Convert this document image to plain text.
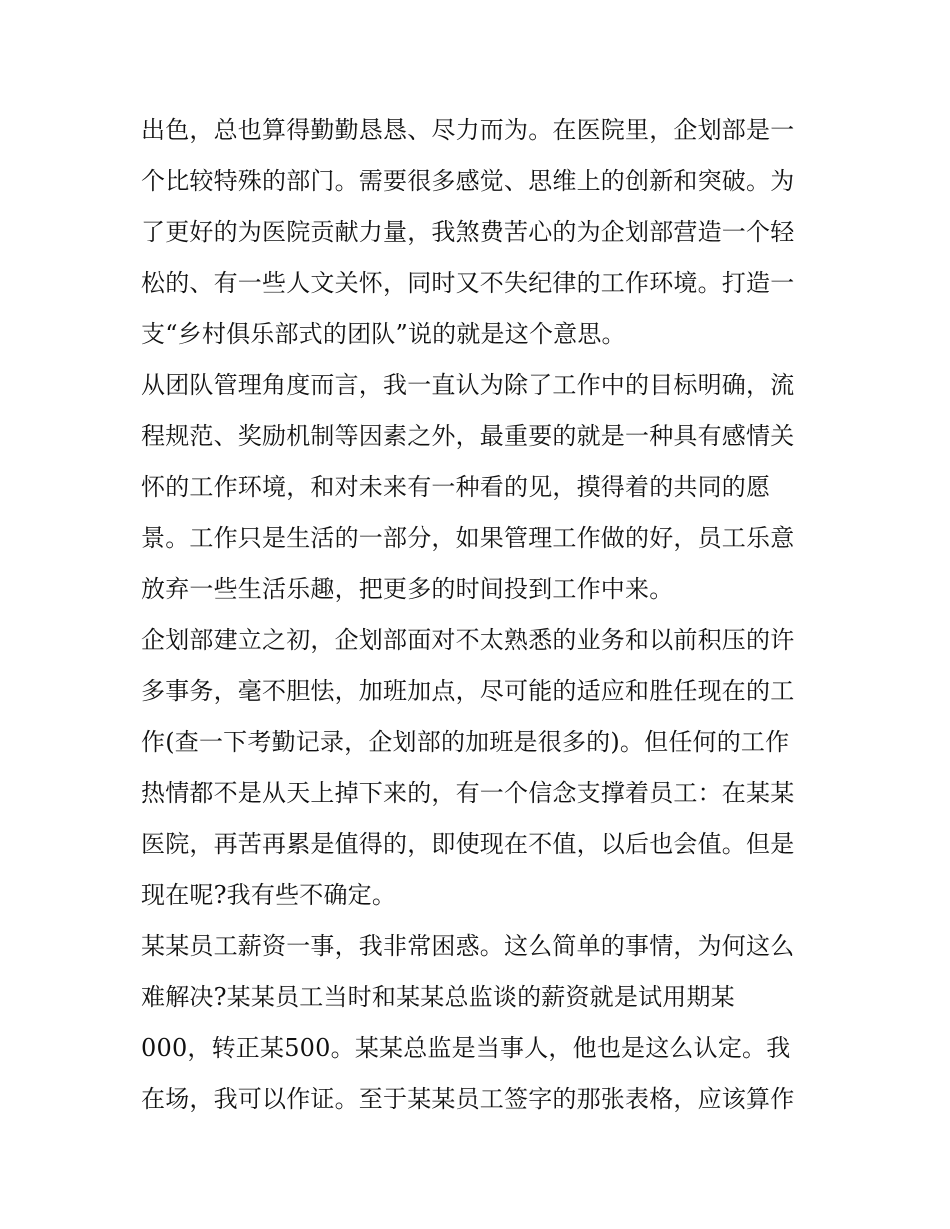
出色，总也算得勤勤恳恳、尽力而为。在医院里，企划部是一
个比较特殊的部门。需要很多感觉、思维上的创新和突破。为
了更好的为医院贡献力量，我煞费苦心的为企划部营造一个轻
松的、有一些人文关怀，同时又不失纪律的工作环境。打造一
支“乡村俱乐部式的团队”说的就是这个意思。
从团队管理角度而言，我一直认为除了工作中的目标明确，流
程规范、奖励机制等因素之外，最重要的就是一种具有感情关
怀的工作环境，和对未来有一种看的见，摸得着的共同的愿
景。工作只是生活的一部分，如果管理工作做的好，员工乐意
放弃一些生活乐趣，把更多的时间投到工作中来。
企划部建立之初，企划部面对不太熟悉的业务和以前积压的许
多事务，毫不胆怯，加班加点，尽可能的适应和胜任现在的工
作(查一下考勤记录，企划部的加班是很多的)。但任何的工作
热情都不是从天上掉下来的，有一个信念支撑着员工：在某某
医院，再苦再累是值得的，即使现在不值，以后也会值。但是
现在呢?我有些不确定。
某某员工薪资一事，我非常困惑。这么简单的事情，为何这么
难解决?某某员工当时和某某总监谈的薪资就是试用期某
000，转正某500。某某总监是当事人，他也是这么认定。我
在场，我可以作证。至于某某员工签字的那张表格，应该算作
